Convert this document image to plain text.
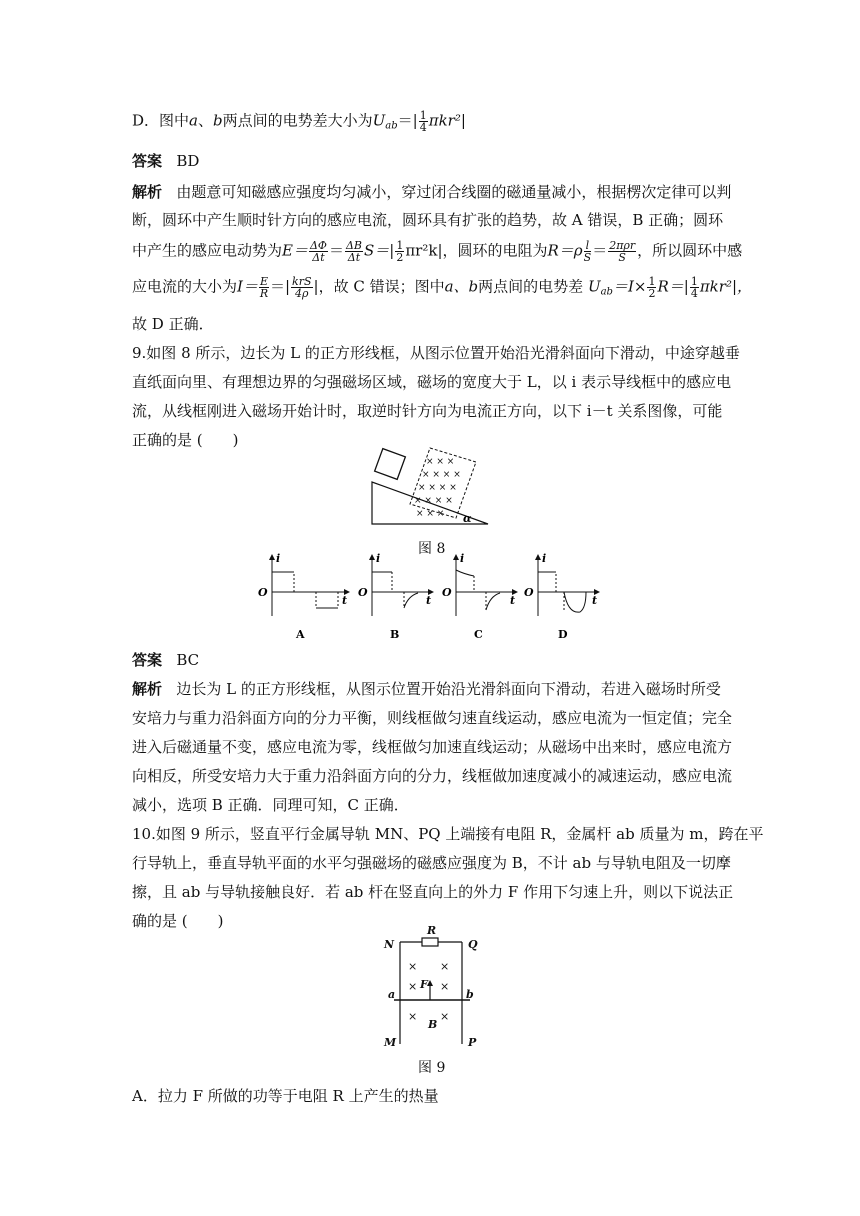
D．图中a、b两点间的电势差大小为$U_{ab}=| \frac{1}{4} \pi kr^2|$
答案 BD
解析 由题意可知磁感应强度均匀减小，穿过闭合线圈的磁通量减小，根据楞次定律可以判
断，圆环中产生顺时针方向的感应电流，圆环具有扩张的趋势，故 A 错误，B 正确；圆环
中产生的感应电动势为$E= \frac{\Delta\Phi}{\Delta t} = \frac{\Delta B}{\Delta t} S=| \frac{1}{2} \pi r^2k|$，圆环的电阻为$R=\rho \frac{l}{S} = \frac{\text{2πρr}}{S}$ ，所以圆环中感
应电流的大小为$I= \frac{E}{R}$ ＝| $\frac{\text{krS}}{4\rho}$ |，故 C 错误；图中a、b两点间的电势差 $U_{ab}=I\times \frac{1}{2} R=| \frac{1}{4} \pi kr^2|$，
故 D 正确．
9.如图 8 所示，边长为 L 的正方形线框，从图示位置开始沿光滑斜面向下滑动，中途穿越垂
直纸面向里、有理想边界的匀强磁场区域，磁场的宽度大于 L，以 i 表示导线框中的感应电
流，从线框刚进入磁场开始计时，取逆时针方向为电流正方向，以下 i－t 关系图像，可能
正确的是 (　　)
× × ×
× × × ×
× × × ×
× × × ×
× × × α
图 8
i
O
t
A
i
O
t
B
i
O
t
C
i
O
t
D
答案 BC
解析 边长为 L 的正方形线框，从图示位置开始沿光滑斜面向下滑动，若进入磁场时所受
安培力与重力沿斜面方向的分力平衡，则线框做匀速直线运动，感应电流为一恒定值；完全
进入后磁通量不变，感应电流为零，线框做匀加速直线运动；从磁场中出来时，感应电流方
向相反，所受安培力大于重力沿斜面方向的分力，线框做加速度减小的减速运动，感应电流
减小，选项 B 正确．同理可知，C 正确．
10.如图 9 所示，竖直平行金属导轨 MN、PQ 上端接有电阻 R，金属杆 ab 质量为 m，跨在平
行导轨上，垂直导轨平面的水平匀强磁场的磁感应强度为 B，不计 ab 与导轨电阻及一切摩
擦，且 ab 与导轨接触良好．若 ab 杆在竖直向上的外力 F 作用下匀速上升，则以下说法正
确的是 (　　)
× ×
× ×
× ×
R
N	Q
F
a	b
B
M	P
图 9
A．拉力 F 所做的功等于电阻 R 上产生的热量
